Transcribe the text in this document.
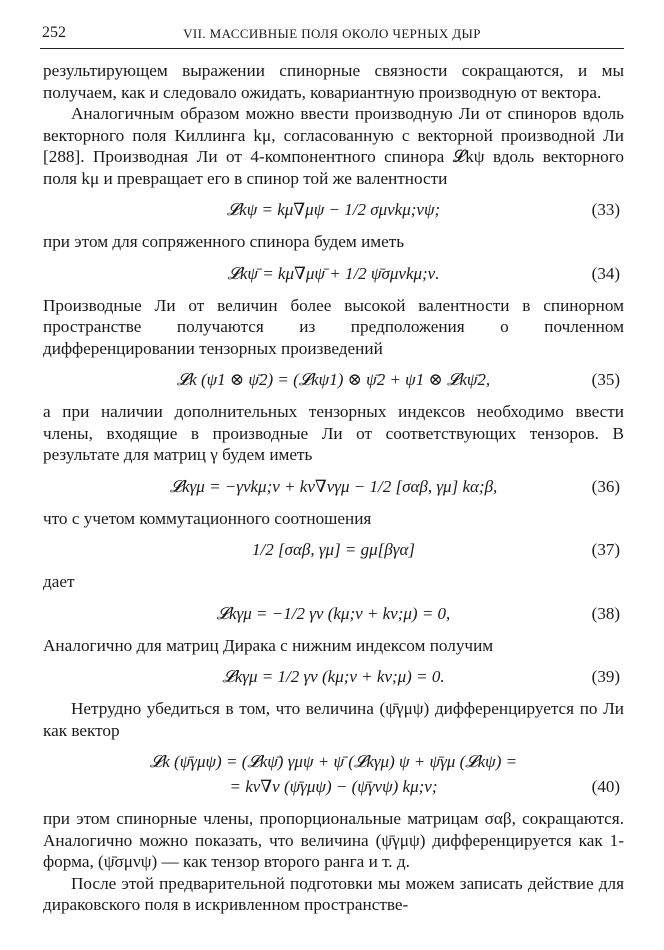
252	VII. МАССИВНЫЕ ПОЛЯ ОКОЛО ЧЕРНЫХ ДЫР

результирующем выражении спинорные связности сокращаются, и мы получаем, как и следовало ожидать, ковариантную производную от вектора.

Аналогичным образом можно ввести производную Ли от спиноров вдоль векторного поля Киллинга kμ, согласованную с векторной производной Ли [288]. Производная Ли от 4-компонентного спинора 𝓛kψ вдоль векторного поля kμ и превращает его в спинор той же валентности

𝓛kψ = kμ∇μψ − 1/2 σμνkμ;νψ;	(33)

при этом для сопряженного спинора будем иметь

𝓛kψ̄ = kμ∇μψ̄ + 1/2 ψ̄σμνkμ;ν.	(34)

Производные Ли от величин более высокой валентности в спинорном пространстве получаются из предположения о почленном дифференцировании тензорных произведений

𝓛k (ψ1 ⊗ ψ̄2) = (𝓛kψ1) ⊗ ψ̄2 + ψ1 ⊗ 𝓛kψ̄2,	(35)

а при наличии дополнительных тензорных индексов необходимо ввести члены, входящие в производные Ли от соответствующих тензоров. В результате для матриц γ будем иметь

𝓛kγμ = −γνkμ;ν + kν∇νγμ − 1/2 [σαβ, γμ] kα;β,	(36)

что с учетом коммутационного соотношения

1/2 [σαβ, γμ] = gμ[βγα]	(37)

дает

𝓛kγμ = −1/2 γν (kμ;ν + kν;μ) = 0,	(38)

Аналогично для матриц Дирака с нижним индексом получим

𝓛kγμ = 1/2 γν (kμ;ν + kν;μ) = 0.	(39)

Нетрудно убедиться в том, что величина (ψ̄γμψ) дифференцируется по Ли как вектор

𝓛k (ψ̄γμψ) = (𝓛kψ̄) γμψ + ψ̄ (𝓛kγμ) ψ + ψ̄γμ (𝓛kψ) =
= kν∇ν (ψ̄γμψ) − (ψ̄γνψ) kμ;ν;	(40)

при этом спинорные члены, пропорциональные матрицам σαβ, сокращаются. Аналогично можно показать, что величина (ψ̄γμψ) дифференцируется как 1-форма, (ψ̄σμνψ) — как тензор второго ранга и т. д.

После этой предварительной подготовки мы можем записать действие для дираковского поля в искривленном пространстве-
